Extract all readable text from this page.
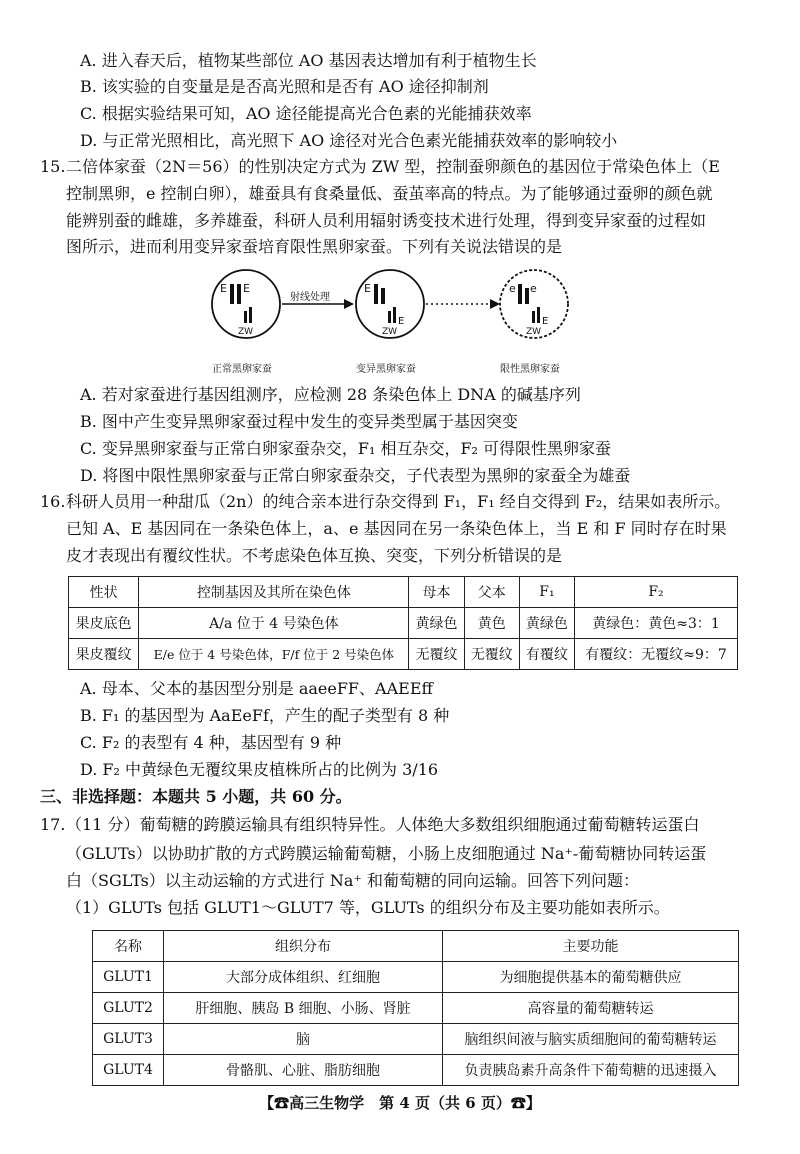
A. 进入春天后，植物某些部位 AO 基因表达增加有利于植物生长
B. 该实验的自变量是是否高光照和是否有 AO 途径抑制剂
C. 根据实验结果可知，AO 途径能提高光合色素的光能捕获效率
D. 与正常光照相比，高光照下 AO 途径对光合色素光能捕获效率的影响较小
15. 二倍体家蚕（2N＝56）的性别决定方式为 ZW 型，控制蚕卵颜色的基因位于常染色体上（E
控制黑卵，e 控制白卵），雄蚕具有食桑量低、蚕茧率高的特点。为了能够通过蚕卵的颜色就
能辨别蚕的雌雄，多养雄蚕，科研人员利用辐射诱变技术进行处理，得到变异家蚕的过程如
图所示，进而利用变异家蚕培育限性黑卵家蚕。下列有关说法错误的是
E E
ZW
正常黑卵家蚕
射线处理
E
E
ZW
变异黑卵家蚕
e e
E
ZW
限性黑卵家蚕
A. 若对家蚕进行基因组测序，应检测 28 条染色体上 DNA 的碱基序列
B. 图中产生变异黑卵家蚕过程中发生的变异类型属于基因突变
C. 变异黑卵家蚕与正常白卵家蚕杂交，F₁ 相互杂交，F₂ 可得限性黑卵家蚕
D. 将图中限性黑卵家蚕与正常白卵家蚕杂交，子代表型为黑卵的家蚕全为雄蚕
16. 科研人员用一种甜瓜（2n）的纯合亲本进行杂交得到 F₁，F₁ 经自交得到 F₂，结果如表所示。
已知 A、E 基因同在一条染色体上，a、e 基因同在另一条染色体上，当 E 和 F 同时存在时果
皮才表现出有覆纹性状。不考虑染色体互换、突变，下列分析错误的是
性状	控制基因及其所在染色体	母本	父本	F₁	F₂
果皮底色	A/a 位于 4 号染色体	黄绿色	黄色	黄绿色	黄绿色：黄色≈3：1
果皮覆纹	E/e 位于 4 号染色体，F/f 位于 2 号染色体	无覆纹	无覆纹	有覆纹	有覆纹：无覆纹≈9：7
A. 母本、父本的基因型分别是 aaeeFF、AAEEff
B. F₁ 的基因型为 AaEeFf，产生的配子类型有 8 种
C. F₂ 的表型有 4 种，基因型有 9 种
D. F₂ 中黄绿色无覆纹果皮植株所占的比例为 3/16
三、非选择题：本题共 5 小题，共 60 分。
17. （11 分）葡萄糖的跨膜运输具有组织特异性。人体绝大多数组织细胞通过葡萄糖转运蛋白
（GLUTs）以协助扩散的方式跨膜运输葡萄糖，小肠上皮细胞通过 Na⁺-葡萄糖协同转运蛋
白（SGLTs）以主动运输的方式进行 Na⁺ 和葡萄糖的同向运输。回答下列问题：
（1）GLUTs 包括 GLUT1～GLUT7 等，GLUTs 的组织分布及主要功能如表所示。
名称	组织分布	主要功能
GLUT1	大部分成体组织、红细胞	为细胞提供基本的葡萄糖供应
GLUT2	肝细胞、胰岛 B 细胞、小肠、肾脏	高容量的葡萄糖转运
GLUT3	脑	脑组织间液与脑实质细胞间的葡萄糖转运
GLUT4	骨骼肌、心脏、脂肪细胞	负责胰岛素升高条件下葡萄糖的迅速摄入
【☎高三生物学　第 4 页（共 6 页）☎】
